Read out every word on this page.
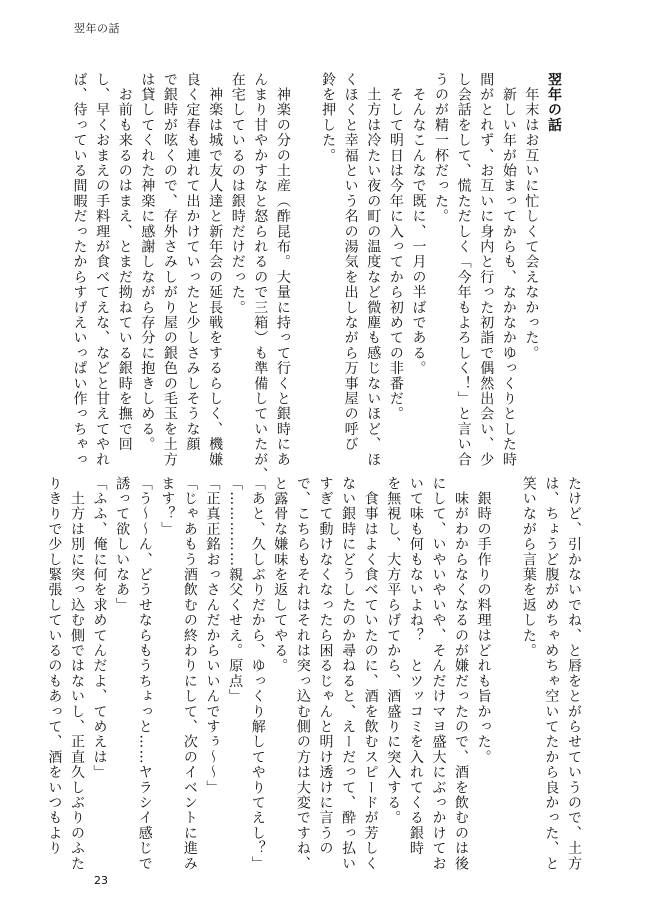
翌年の話
翌年の話
　年末はお互いに忙しくて会えなかった。
　新しい年が始まってからも、なかなかゆっくりとした時
間がとれず、お互いに身内と行った初詣で偶然出会い、少
し会話をして、慌ただしく「今年もよろしく！」と言い合
うのが精一杯だった。
　そんなこんなで既に、一月の半ばである。
　そして明日は今年に入ってから初めての非番だ。
　土方は冷たい夜の町の温度など微塵も感じないほど、ほ
くほくと幸福という名の湯気を出しながら万事屋の呼び
鈴を押した。

　神楽の分の土産（酢昆布。大量に持って行くと銀時にあ
んまり甘やかすなと怒られるので三箱）も準備していたが、
在宅しているのは銀時だけだった。
　神楽は城で友人達と新年会の延長戦をするらしく、機嫌
良く定春も連れて出かけていったと少しさみしそうな顔
で銀時が呟くので、存外さみしがり屋の銀色の毛玉を土方
は貸してくれた神楽に感謝しながら存分に抱きしめる。
　お前も来るのはまえ、とまだ拗ねている銀時を撫で回
し、早くおまえの手料理が食べてえな、などと甘えてやれ
ば、待っている間暇だったからすげえいっぱい作っちゃっ
たけど、引かないでね、と唇をとがらせていうので、土方
は、ちょうど腹がめちゃめちゃ空いてたから良かった、と
笑いながら言葉を返した。

　銀時の手作りの料理はどれも旨かった。
　味がわからなくなるのが嫌だったので、酒を飲むのは後
にして、いやいやいや、そんだけマヨ盛大にぶっかけてお
いて味も何もないよね？　とツッコミを入れてくる銀時
を無視し、大方平らげてから、酒盛りに突入する。
　食事はよく食べていたのに、酒を飲むスピードが芳しく
ない銀時にどうしたのか尋ねると、えーだって、酔っ払い
すぎて動けなくなったら困るじゃんと明け透けに言うの
で、こちらもそれはそれは突っ込む側の方は大変ですね、
と露骨な嫌味を返してやる。
「あと、久しぶりだから、ゆっくり解してやりてえし？」
「……………親父くせえ。原点」
「正真正銘おっさんだからいいんですぅ～～」
「じゃあもう酒飲むの終わりにして、次のイベントに進み
ます？」
「う～～ん、どうせならもうちょっと……ヤラシイ感じで
誘って欲しいなあ」
「ふふ、俺に何を求めてんだよ、てめえは」
　土方は別に突っ込む側ではないし、正直久しぶりのふた
りきりで少し緊張しているのもあって、酒をいつもより
23
